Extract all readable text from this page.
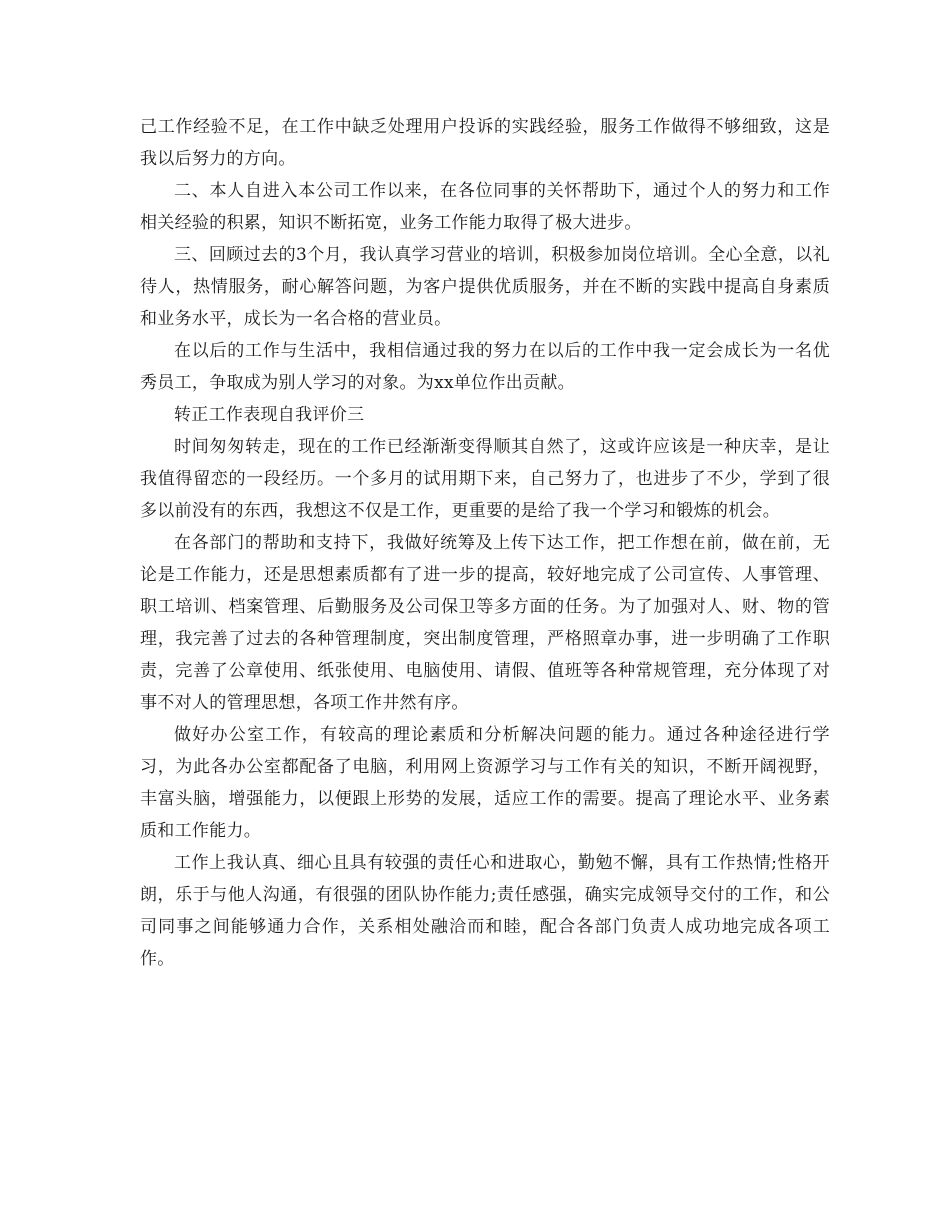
己工作经验不足，在工作中缺乏处理用户投诉的实践经验，服务工作做得不够细致，这是我以后努力的方向。

二、本人自进入本公司工作以来，在各位同事的关怀帮助下，通过个人的努力和工作相关经验的积累，知识不断拓宽，业务工作能力取得了极大进步。

三、回顾过去的3个月，我认真学习营业的培训，积极参加岗位培训。全心全意，以礼待人，热情服务，耐心解答问题，为客户提供优质服务，并在不断的实践中提高自身素质和业务水平，成长为一名合格的营业员。

在以后的工作与生活中，我相信通过我的努力在以后的工作中我一定会成长为一名优秀员工，争取成为别人学习的对象。为xx单位作出贡献。

转正工作表现自我评价三

时间匆匆转走，现在的工作已经渐渐变得顺其自然了，这或许应该是一种庆幸，是让我值得留恋的一段经历。一个多月的试用期下来，自己努力了，也进步了不少，学到了很多以前没有的东西，我想这不仅是工作，更重要的是给了我一个学习和锻炼的机会。

在各部门的帮助和支持下，我做好统筹及上传下达工作，把工作想在前，做在前，无论是工作能力，还是思想素质都有了进一步的提高，较好地完成了公司宣传、人事管理、职工培训、档案管理、后勤服务及公司保卫等多方面的任务。为了加强对人、财、物的管理，我完善了过去的各种管理制度，突出制度管理，严格照章办事，进一步明确了工作职责，完善了公章使用、纸张使用、电脑使用、请假、值班等各种常规管理，充分体现了对事不对人的管理思想，各项工作井然有序。

做好办公室工作，有较高的理论素质和分析解决问题的能力。通过各种途径进行学习，为此各办公室都配备了电脑，利用网上资源学习与工作有关的知识，不断开阔视野，丰富头脑，增强能力，以便跟上形势的发展，适应工作的需要。提高了理论水平、业务素质和工作能力。

工作上我认真、细心且具有较强的责任心和进取心，勤勉不懈，具有工作热情;性格开朗，乐于与他人沟通，有很强的团队协作能力;责任感强，确实完成领导交付的工作，和公司同事之间能够通力合作，关系相处融洽而和睦，配合各部门负责人成功地完成各项工作。
